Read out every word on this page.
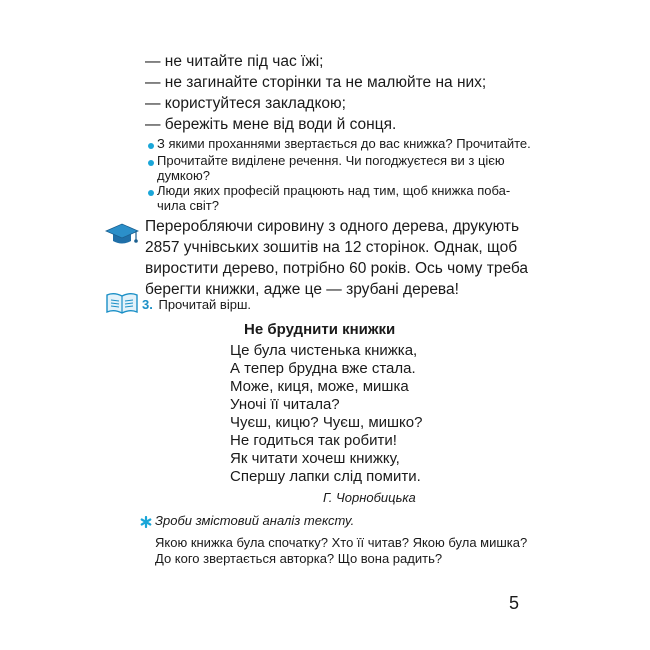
— не читайте під час їжі;
— не загинайте сторінки та не малюйте на них;
— користуйтеся закладкою;
— бережіть мене від води й сонця.
З якими проханнями звертається до вас книжка? Прочитайте.
Прочитайте виділене речення. Чи погоджуєтеся ви з цією
думкою?
Люди яких професій працюють над тим, щоб книжка поба-
чила світ?
Переробляючи сировину з одного дерева, друкують
2857 учнівських зошитів на 12 сторінок. Однак, щоб
виростити дерево, потрібно 60 років. Ось чому треба
берегти книжки, адже це — зрубані дерева!
3. Прочитай вірш.
Не бруднити книжки
Це була чистенька книжка,
А тепер брудна вже стала.
Може, киця, може, мишка
Уночі її читала?
Чуєш, кицю? Чуєш, мишко?
Не годиться так робити!
Як читати хочеш книжку,
Спершу лапки слід помити.
Г. Чорнобицька
Зроби змістовий аналіз тексту.
Якою книжка була спочатку? Хто її читав? Якою була мишка?
До кого звертається авторка? Що вона радить?
5
